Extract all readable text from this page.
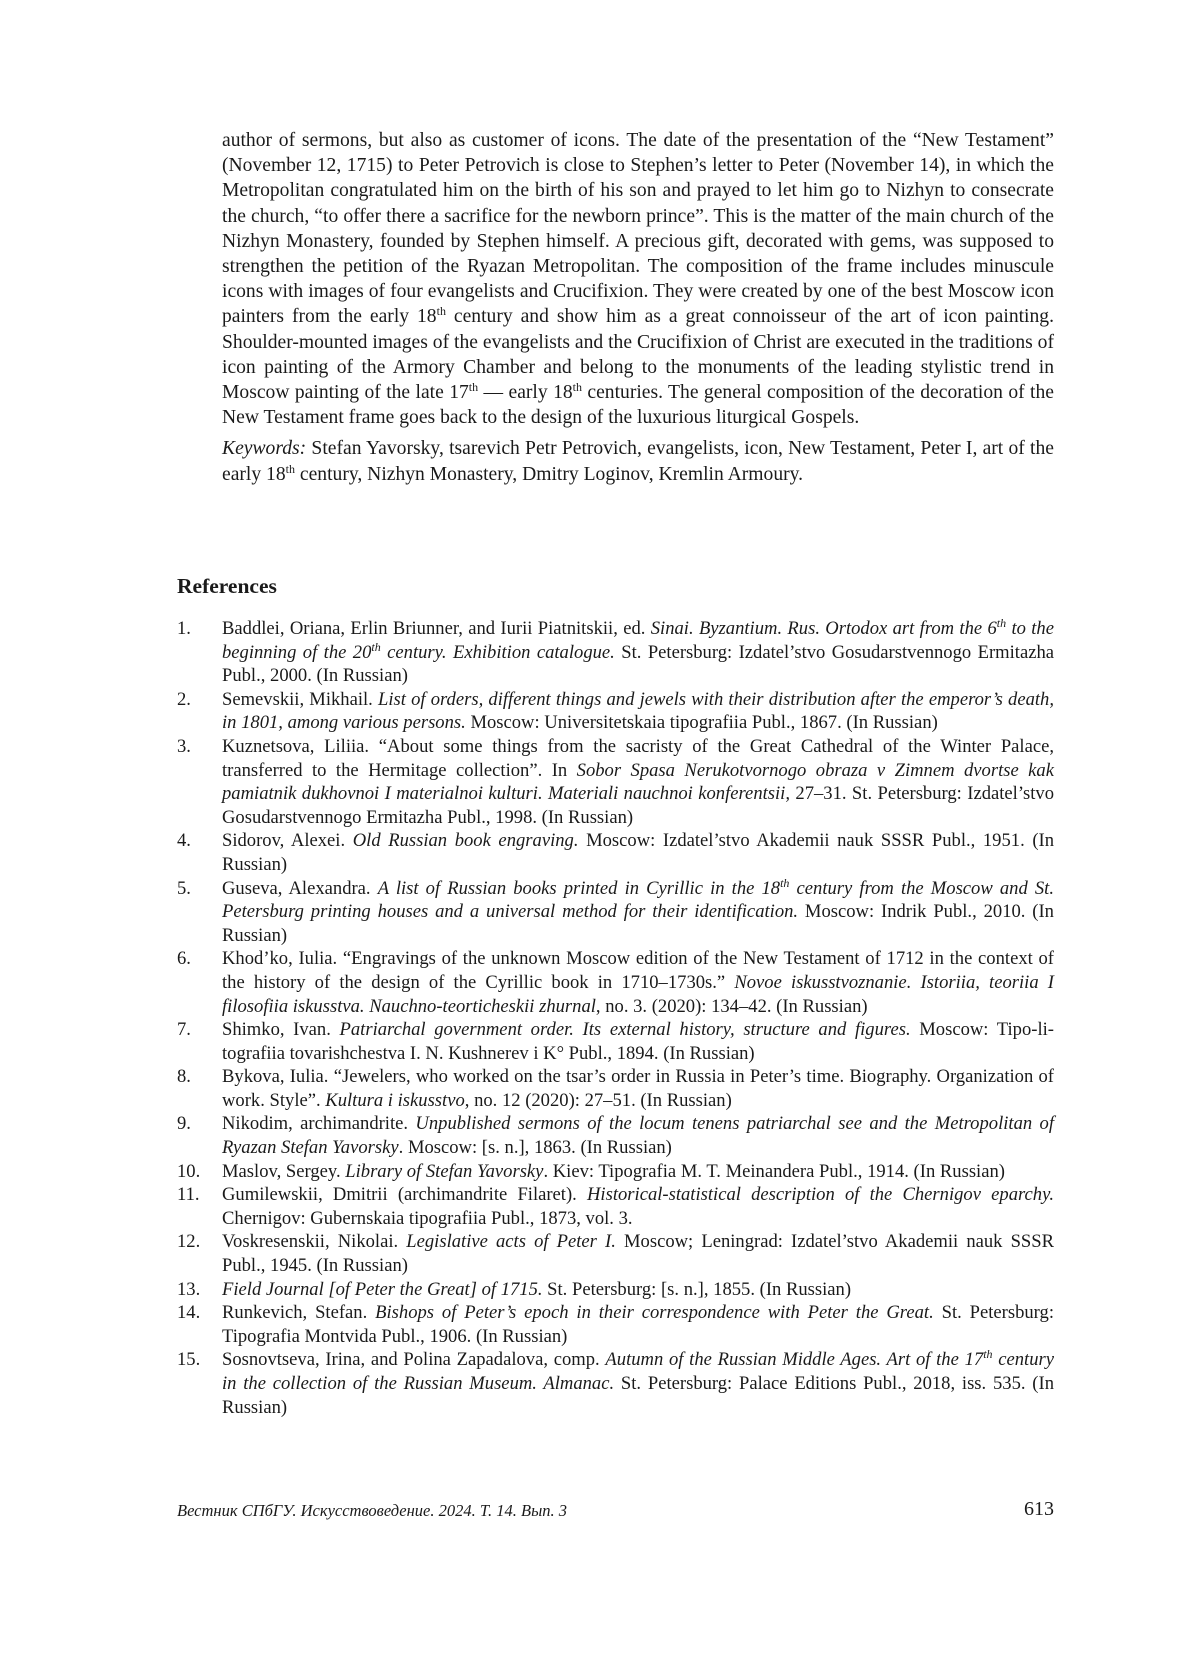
author of sermons, but also as customer of icons. The date of the presentation of the “New Testament” (November 12, 1715) to Peter Petrovich is close to Stephen’s letter to Peter (November 14), in which the Metropolitan congratulated him on the birth of his son and prayed to let him go to Nizhyn to consecrate the church, “to offer there a sacrifice for the newborn prince”. This is the matter of the main church of the Nizhyn Monastery, founded by Stephen himself. A precious gift, decorated with gems, was supposed to strengthen the petition of the Ryazan Metropolitan. The composition of the frame includes minuscule icons with images of four evangelists and Crucifixion. They were created by one of the best Moscow icon painters from the early 18th century and show him as a great connoisseur of the art of icon painting. Shoulder-mounted images of the evangelists and the Crucifixion of Christ are executed in the traditions of icon painting of the Armory Chamber and belong to the monuments of the leading stylistic trend in Moscow painting of the late 17th — early 18th centuries. The general composition of the decoration of the New Testament frame goes back to the design of the luxurious liturgical Gospels.

Keywords: Stefan Yavorsky, tsarevich Petr Petrovich, evangelists, icon, New Testament, Peter I, art of the early 18th century, Nizhyn Monastery, Dmitry Loginov, Kremlin Armoury.

References
1. Baddlei, Oriana, Erlin Briunner, and Iurii Piatnitskii, ed. Sinai. Byzantium. Rus. Ortodox art from the 6th to the beginning of the 20th century. Exhibition catalogue. St. Petersburg: Izdatel’stvo Gosudarstvennogo Ermitazha Publ., 2000. (In Russian)
2. Semevskii, Mikhail. List of orders, different things and jewels with their distribution after the emperor’s death, in 1801, among various persons. Moscow: Universitetskaia tipografiia Publ., 1867. (In Russian)
3. Kuznetsova, Liliia. “About some things from the sacristy of the Great Cathedral of the Winter Palace, transferred to the Hermitage collection”. In Sobor Spasa Nerukotvornogo obraza v Zimnem dvortse kak pamiatnik dukhovnoi I materialnoi kulturi. Materiali nauchnoi konferentsii, 27–31. St. Petersburg: Izdatel’stvo Gosudarstvennogo Ermitazha Publ., 1998. (In Russian)
4. Sidorov, Alexei. Old Russian book engraving. Moscow: Izdatel’stvo Akademii nauk SSSR Publ., 1951. (In Russian)
5. Guseva, Alexandra. A list of Russian books printed in Cyrillic in the 18th century from the Moscow and St. Petersburg printing houses and a universal method for their identification. Moscow: Indrik Publ., 2010. (In Russian)
6. Khod’ko, Iulia. “Engravings of the unknown Moscow edition of the New Testament of 1712 in the context of the history of the design of the Cyrillic book in 1710–1730s.” Novoe iskusstvoznanie. Istoriia, teoriia I filosofiia iskusstva. Nauchno-teorticheskii zhurnal, no. 3. (2020): 134–42. (In Russian)
7. Shimko, Ivan. Patriarchal government order. Its external history, structure and figures. Moscow: Tipo-litografiia tovarishchestva I. N. Kushnerev i K° Publ., 1894. (In Russian)
8. Bykova, Iulia. “Jewelers, who worked on the tsar’s order in Russia in Peter’s time. Biography. Organization of work. Style”. Kultura i iskusstvo, no. 12 (2020): 27–51. (In Russian)
9. Nikodim, archimandrite. Unpublished sermons of the locum tenens patriarchal see and the Metropolitan of Ryazan Stefan Yavorsky. Moscow: [s. n.], 1863. (In Russian)
10. Maslov, Sergey. Library of Stefan Yavorsky. Kiev: Tipografia M. T. Meinandera Publ., 1914. (In Russian)
11. Gumilewskii, Dmitrii (archimandrite Filaret). Historical-statistical description of the Chernigov eparchy. Chernigov: Gubernskaia tipografiia Publ., 1873, vol. 3.
12. Voskresenskii, Nikolai. Legislative acts of Peter I. Moscow; Leningrad: Izdatel’stvo Akademii nauk SSSR Publ., 1945. (In Russian)
13. Field Journal [of Peter the Great] of 1715. St. Petersburg: [s. n.], 1855. (In Russian)
14. Runkevich, Stefan. Bishops of Peter’s epoch in their correspondence with Peter the Great. St. Petersburg: Tipografia Montvida Publ., 1906. (In Russian)
15. Sosnovtseva, Irina, and Polina Zapadalova, comp. Autumn of the Russian Middle Ages. Art of the 17th century in the collection of the Russian Museum. Almanac. St. Petersburg: Palace Editions Publ., 2018, iss. 535. (In Russian)
Вестник СПбГУ. Искусствоведение. 2024. Т. 14. Вып. 3	613
